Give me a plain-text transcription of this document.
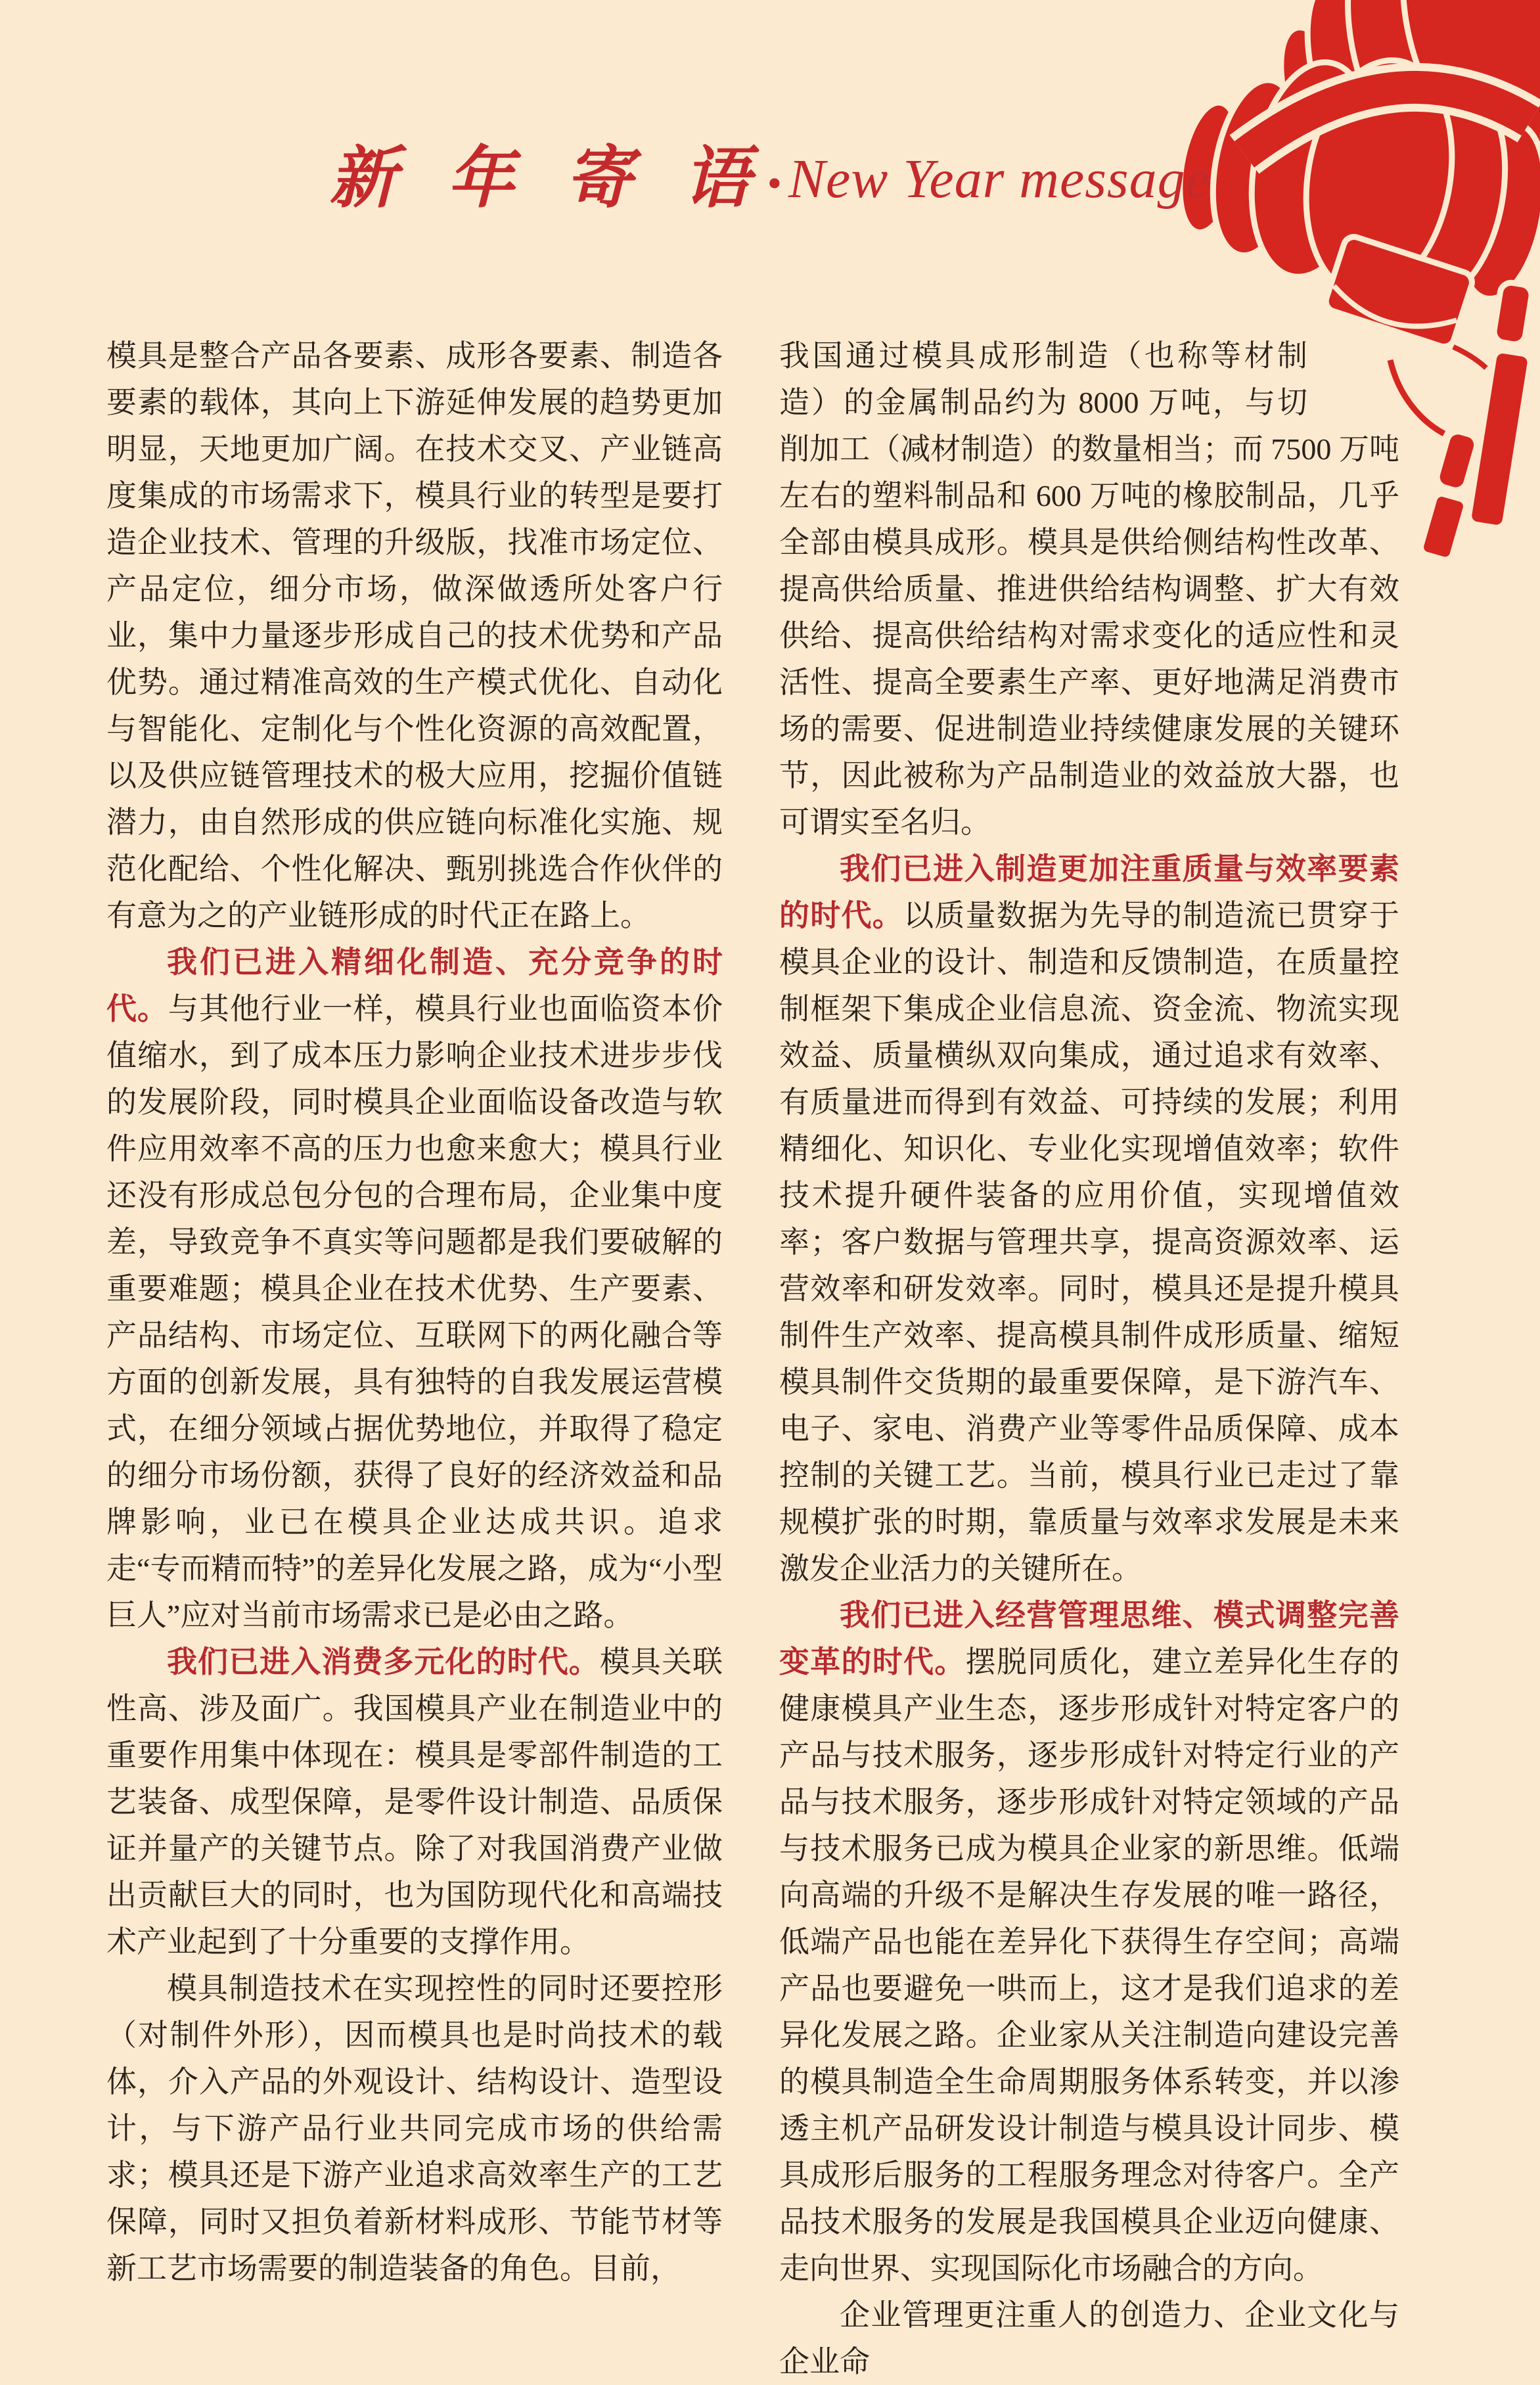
新 年 寄 语 • New Year message

模具是整合产品各要素、成形各要素、制造各要素的载体，其向上下游延伸发展的趋势更加明显，天地更加广阔。在技术交叉、产业链高度集成的市场需求下，模具行业的转型是要打造企业技术、管理的升级版，找准市场定位、产品定位，细分市场，做深做透所处客户行业，集中力量逐步形成自己的技术优势和产品优势。通过精准高效的生产模式优化、自动化与智能化、定制化与个性化资源的高效配置，以及供应链管理技术的极大应用，挖掘价值链潜力，由自然形成的供应链向标准化实施、规范化配给、个性化解决、甄别挑选合作伙伴的有意为之的产业链形成的时代正在路上。

我们已进入精细化制造、充分竞争的时代。与其他行业一样，模具行业也面临资本价值缩水，到了成本压力影响企业技术进步步伐的发展阶段，同时模具企业面临设备改造与软件应用效率不高的压力也愈来愈大；模具行业还没有形成总包分包的合理布局，企业集中度差，导致竞争不真实等问题都是我们要破解的重要难题；模具企业在技术优势、生产要素、产品结构、市场定位、互联网下的两化融合等方面的创新发展，具有独特的自我发展运营模式，在细分领域占据优势地位，并取得了稳定的细分市场份额，获得了良好的经济效益和品牌影响，业已在模具企业达成共识。追求走“专而精而特”的差异化发展之路，成为“小型巨人”应对当前市场需求已是必由之路。

我们已进入消费多元化的时代。模具关联性高、涉及面广。我国模具产业在制造业中的重要作用集中体现在：模具是零部件制造的工艺装备、成型保障，是零件设计制造、品质保证并量产的关键节点。除了对我国消费产业做出贡献巨大的同时，也为国防现代化和高端技术产业起到了十分重要的支撑作用。

模具制造技术在实现控性的同时还要控形（对制件外形），因而模具也是时尚技术的载体，介入产品的外观设计、结构设计、造型设计，与下游产品行业共同完成市场的供给需求；模具还是下游产业追求高效率生产的工艺保障，同时又担负着新材料成形、节能节材等新工艺市场需要的制造装备的角色。目前，

我国通过模具成形制造（也称等材制造）的金属制品约为 8000 万吨，与切削加工（减材制造）的数量相当；而 7500 万吨左右的塑料制品和 600 万吨的橡胶制品，几乎全部由模具成形。模具是供给侧结构性改革、提高供给质量、推进供给结构调整、扩大有效供给、提高供给结构对需求变化的适应性和灵活性、提高全要素生产率、更好地满足消费市场的需要、促进制造业持续健康发展的关键环节，因此被称为产品制造业的效益放大器，也可谓实至名归。

我们已进入制造更加注重质量与效率要素的时代。以质量数据为先导的制造流已贯穿于模具企业的设计、制造和反馈制造，在质量控制框架下集成企业信息流、资金流、物流实现效益、质量横纵双向集成，通过追求有效率、有质量进而得到有效益、可持续的发展；利用精细化、知识化、专业化实现增值效率；软件技术提升硬件装备的应用价值，实现增值效率；客户数据与管理共享，提高资源效率、运营效率和研发效率。同时，模具还是提升模具制件生产效率、提高模具制件成形质量、缩短模具制件交货期的最重要保障，是下游汽车、电子、家电、消费产业等零件品质保障、成本控制的关键工艺。当前，模具行业已走过了靠规模扩张的时期，靠质量与效率求发展是未来激发企业活力的关键所在。

我们已进入经营管理思维、模式调整完善变革的时代。摆脱同质化，建立差异化生存的健康模具产业生态，逐步形成针对特定客户的产品与技术服务，逐步形成针对特定行业的产品与技术服务，逐步形成针对特定领域的产品与技术服务已成为模具企业家的新思维。低端向高端的升级不是解决生存发展的唯一路径，低端产品也能在差异化下获得生存空间；高端产品也要避免一哄而上，这才是我们追求的差异化发展之路。企业家从关注制造向建设完善的模具制造全生命周期服务体系转变，并以渗透主机产品研发设计制造与模具设计同步、模具成形后服务的工程服务理念对待客户。全产品技术服务的发展是我国模具企业迈向健康、走向世界、实现国际化市场融合的方向。

企业管理更注重人的创造力、企业文化与企业命
